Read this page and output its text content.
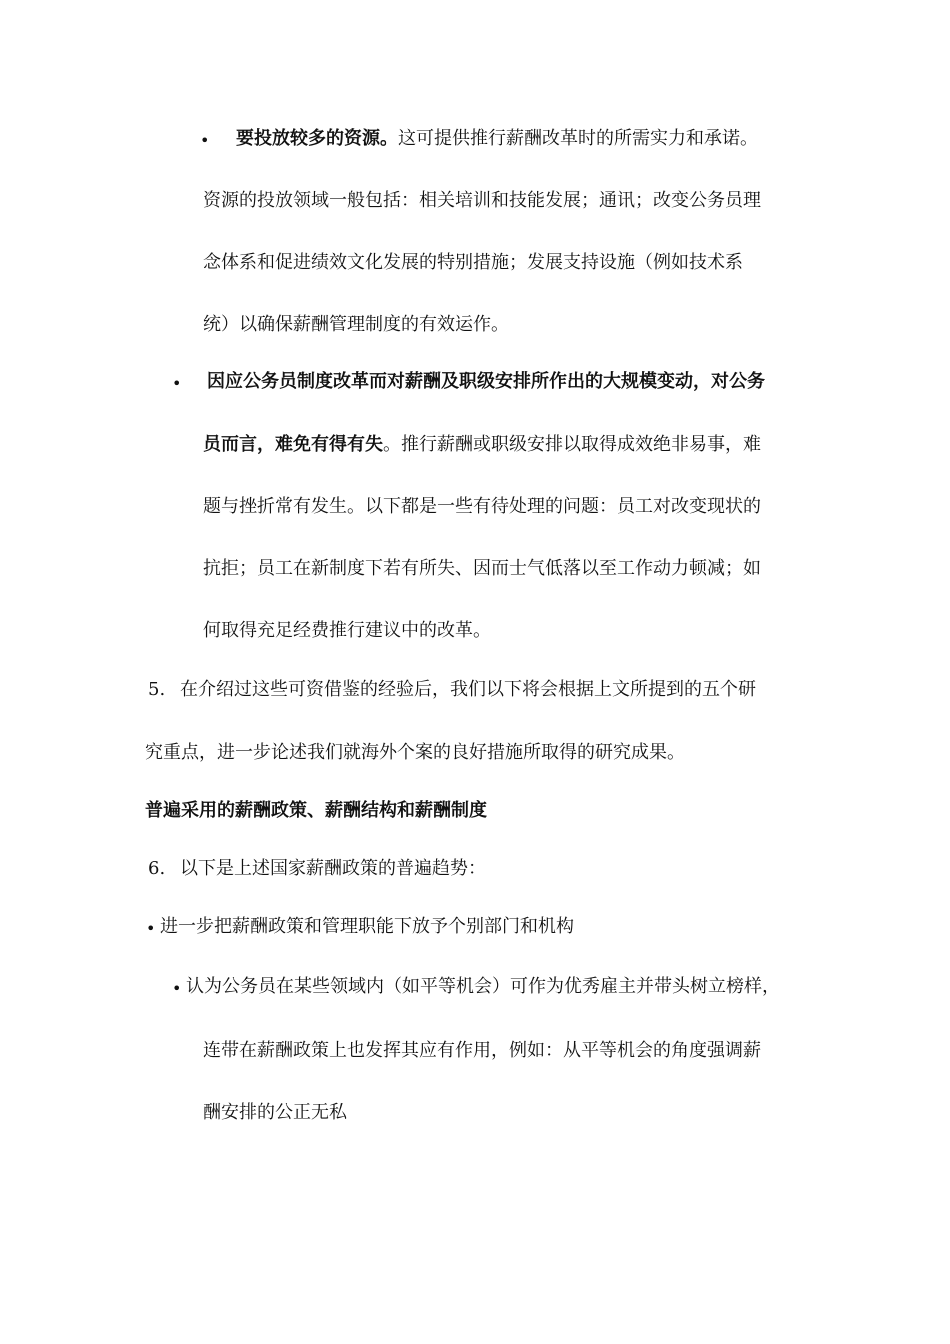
• 要投放较多的资源。这可提供推行薪酬改革时的所需实力和承诺。
资源的投放领域一般包括：相关培训和技能发展；通讯；改变公务员理
念体系和促进绩效文化发展的特别措施；发展支持设施（例如技术系
统）以确保薪酬管理制度的有效运作。
• 因应公务员制度改革而对薪酬及职级安排所作出的大规模变动，对公务
员而言，难免有得有失。推行薪酬或职级安排以取得成效绝非易事，难
题与挫折常有发生。以下都是一些有待处理的问题：员工对改变现状的
抗拒；员工在新制度下若有所失、因而士气低落以至工作动力顿减；如
何取得充足经费推行建议中的改革。
5. 在介绍过这些可资借鉴的经验后，我们以下将会根据上文所提到的五个研
究重点，进一步论述我们就海外个案的良好措施所取得的研究成果。
普遍采用的薪酬政策、薪酬结构和薪酬制度
6. 以下是上述国家薪酬政策的普遍趋势：
• 进一步把薪酬政策和管理职能下放予个别部门和机构
• 认为公务员在某些领域内（如平等机会）可作为优秀雇主并带头树立榜样，
连带在薪酬政策上也发挥其应有作用，例如：从平等机会的角度强调薪
酬安排的公正无私
